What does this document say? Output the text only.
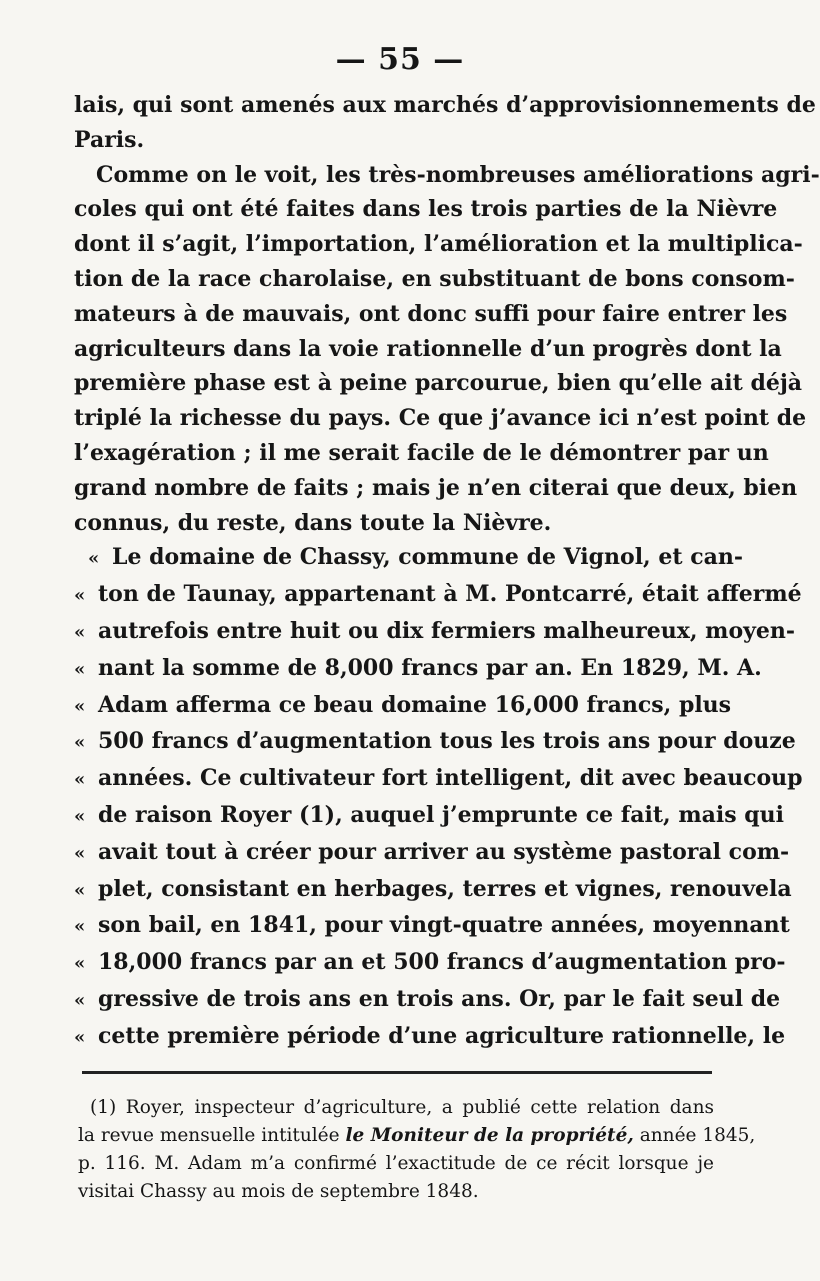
— 55 —
lais, qui sont amenés aux marchés d’approvisionnements de
Paris.
Comme on le voit, les très-nombreuses améliorations agri-
coles qui ont été faites dans les trois parties de la Nièvre
dont il s’agit, l’importation, l’amélioration et la multiplica-
tion de la race charolaise, en substituant de bons consom-
mateurs à de mauvais, ont donc suffi pour faire entrer les
agriculteurs dans la voie rationnelle d’un progrès dont la
première phase est à peine parcourue, bien qu’elle ait déjà
triplé la richesse du pays. Ce que j’avance ici n’est point de
l’exagération ; il me serait facile de le démontrer par un
grand nombre de faits ; mais je n’en citerai que deux, bien
connus, du reste, dans toute la Nièvre.
« Le domaine de Chassy, commune de Vignol, et can-
« ton de Taunay, appartenant à M. Pontcarré, était affermé
« autrefois entre huit ou dix fermiers malheureux, moyen-
« nant la somme de 8,000 francs par an. En 1829, M. A.
« Adam afferma ce beau domaine 16,000 francs, plus
« 500 francs d’augmentation tous les trois ans pour douze
« années. Ce cultivateur fort intelligent, dit avec beaucoup
« de raison Royer (1), auquel j’emprunte ce fait, mais qui
« avait tout à créer pour arriver au système pastoral com-
« plet, consistant en herbages, terres et vignes, renouvela
« son bail, en 1841, pour vingt-quatre années, moyennant
« 18,000 francs par an et 500 francs d’augmentation pro-
« gressive de trois ans en trois ans. Or, par le fait seul de
« cette première période d’une agriculture rationnelle, le
(1) Royer, inspecteur d’agriculture, a publié cette relation dans
la revue mensuelle intitulée le Moniteur de la propriété, année 1845,
p. 116. M. Adam m’a confirmé l’exactitude de ce récit lorsque je
visitai Chassy au mois de septembre 1848.
